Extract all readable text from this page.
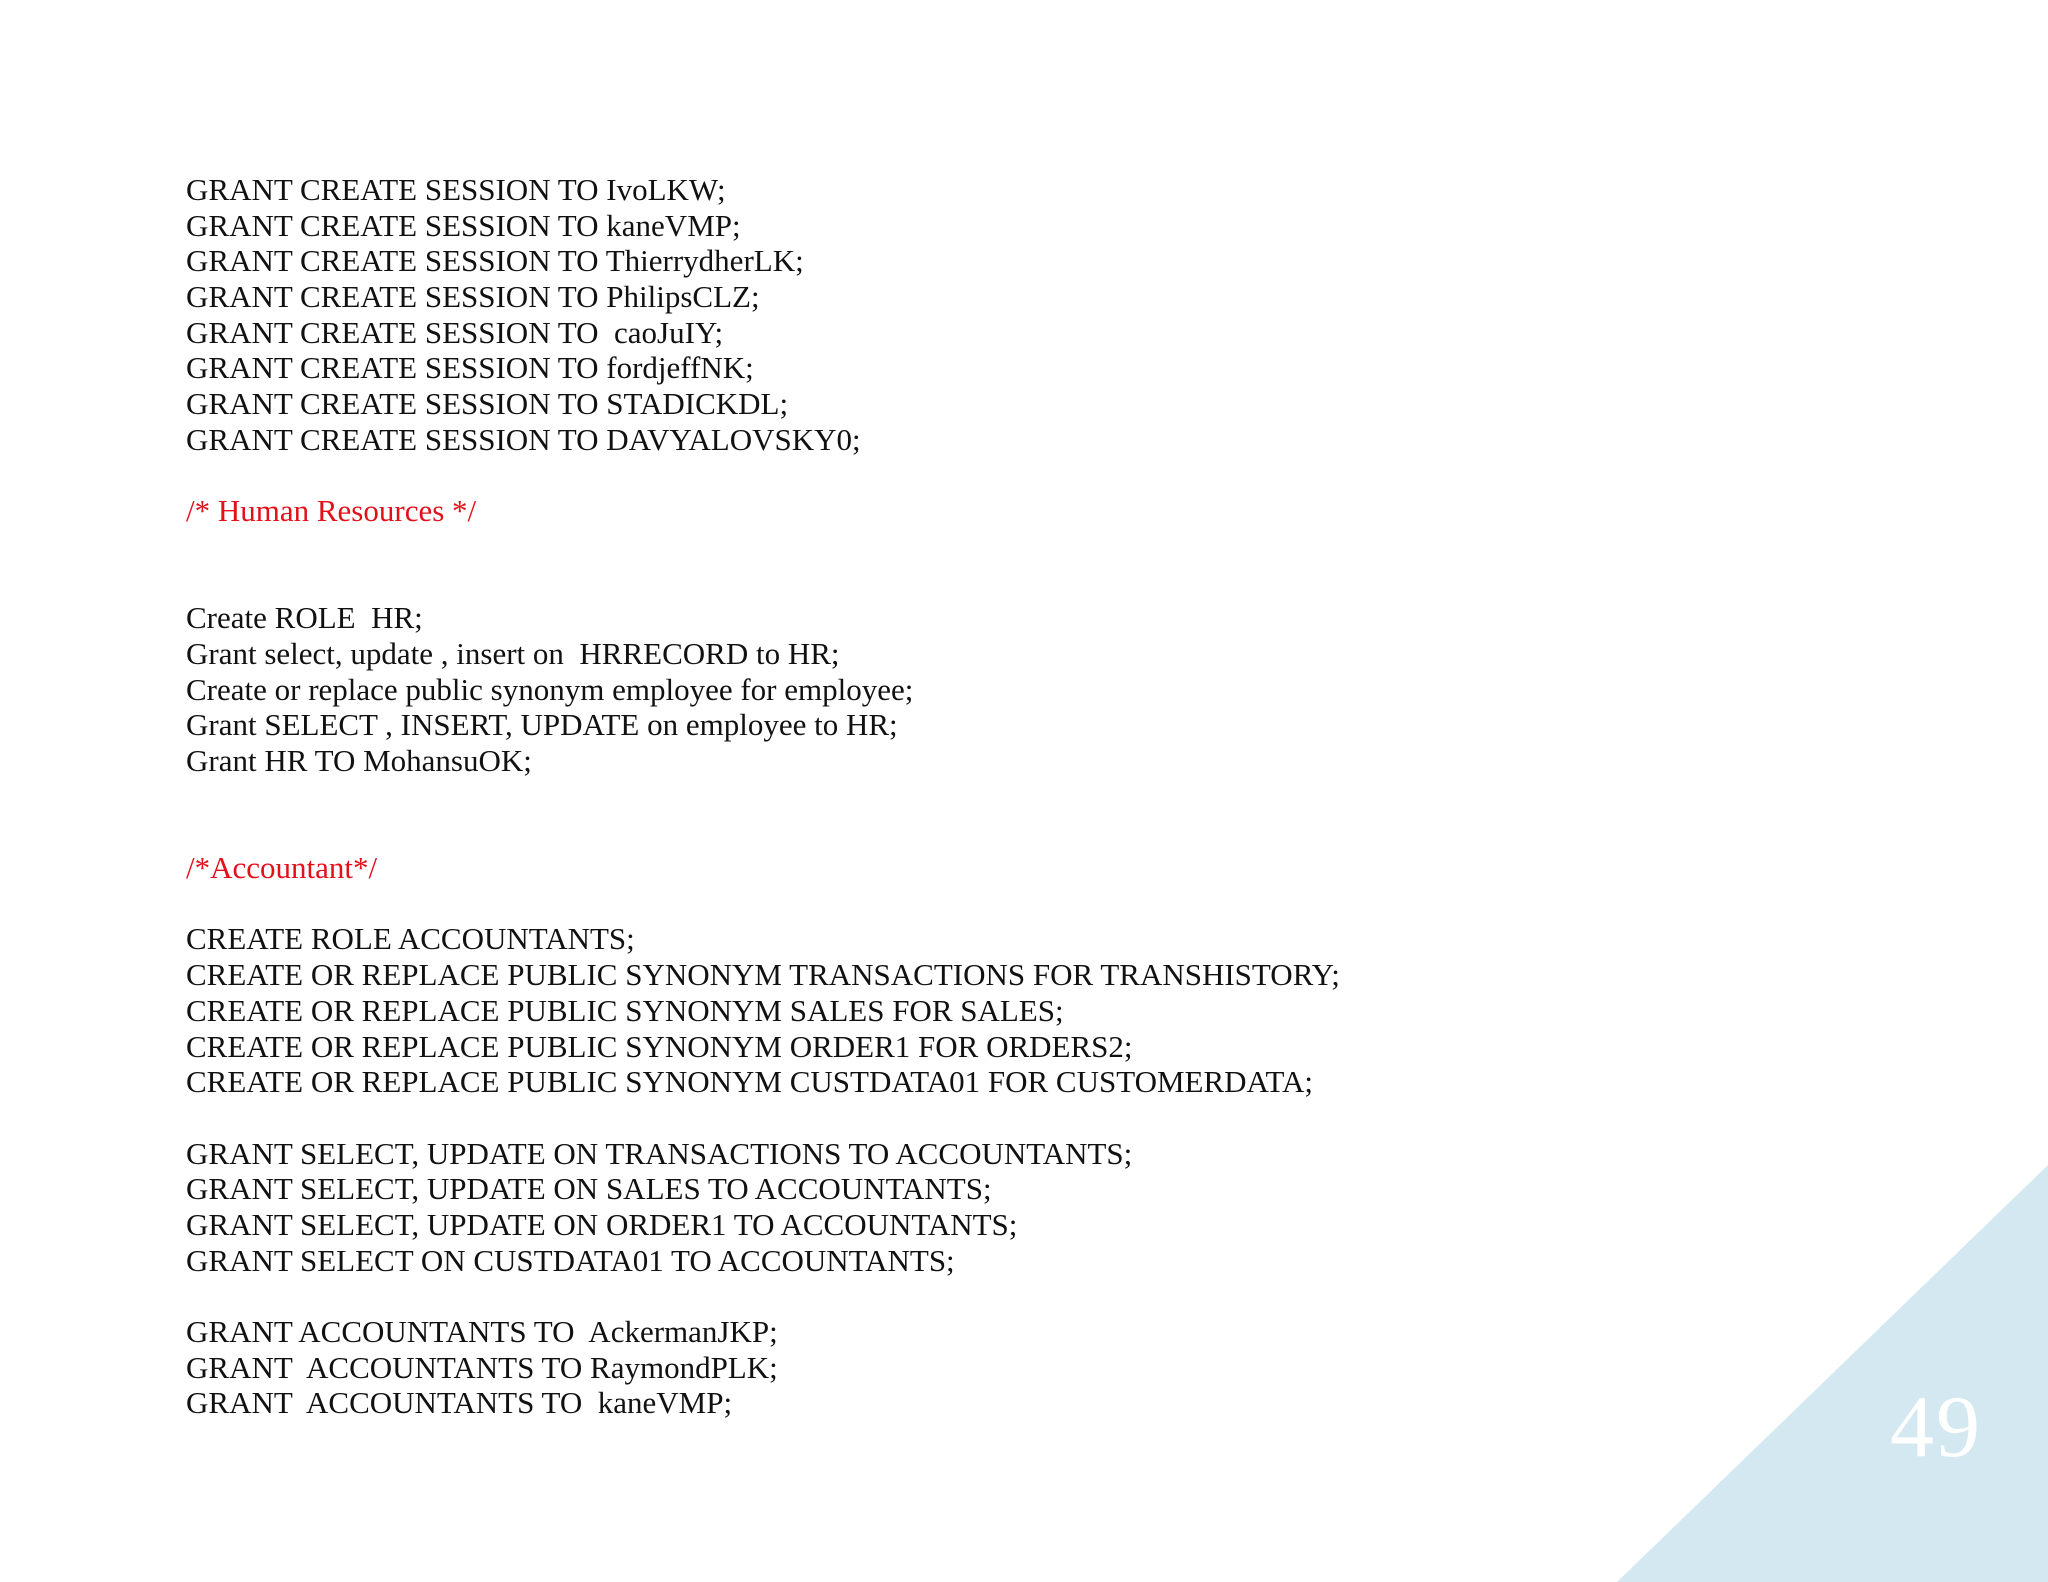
GRANT CREATE SESSION TO IvoLKW;
GRANT CREATE SESSION TO kaneVMP;
GRANT CREATE SESSION TO ThierrydherLK;
GRANT CREATE SESSION TO PhilipsCLZ;
GRANT CREATE SESSION TO  caoJuIY;
GRANT CREATE SESSION TO fordjeffNK;
GRANT CREATE SESSION TO STADICKDL;
GRANT CREATE SESSION TO DAVYALOVSKY0;
/* Human Resources */
Create ROLE  HR;
Grant select, update , insert on  HRRECORD to HR;
Create or replace public synonym employee for employee;
Grant SELECT , INSERT, UPDATE on employee to HR;
Grant HR TO MohansuOK;
/*Accountant*/
CREATE ROLE ACCOUNTANTS;
CREATE OR REPLACE PUBLIC SYNONYM TRANSACTIONS FOR TRANSHISTORY;
CREATE OR REPLACE PUBLIC SYNONYM SALES FOR SALES;
CREATE OR REPLACE PUBLIC SYNONYM ORDER1 FOR ORDERS2;
CREATE OR REPLACE PUBLIC SYNONYM CUSTDATA01 FOR CUSTOMERDATA;
GRANT SELECT, UPDATE ON TRANSACTIONS TO ACCOUNTANTS;
GRANT SELECT, UPDATE ON SALES TO ACCOUNTANTS;
GRANT SELECT, UPDATE ON ORDER1 TO ACCOUNTANTS;
GRANT SELECT ON CUSTDATA01 TO ACCOUNTANTS;
GRANT ACCOUNTANTS TO  AckermanJKP;
GRANT  ACCOUNTANTS TO RaymondPLK;
GRANT  ACCOUNTANTS TO  kaneVMP;	49
